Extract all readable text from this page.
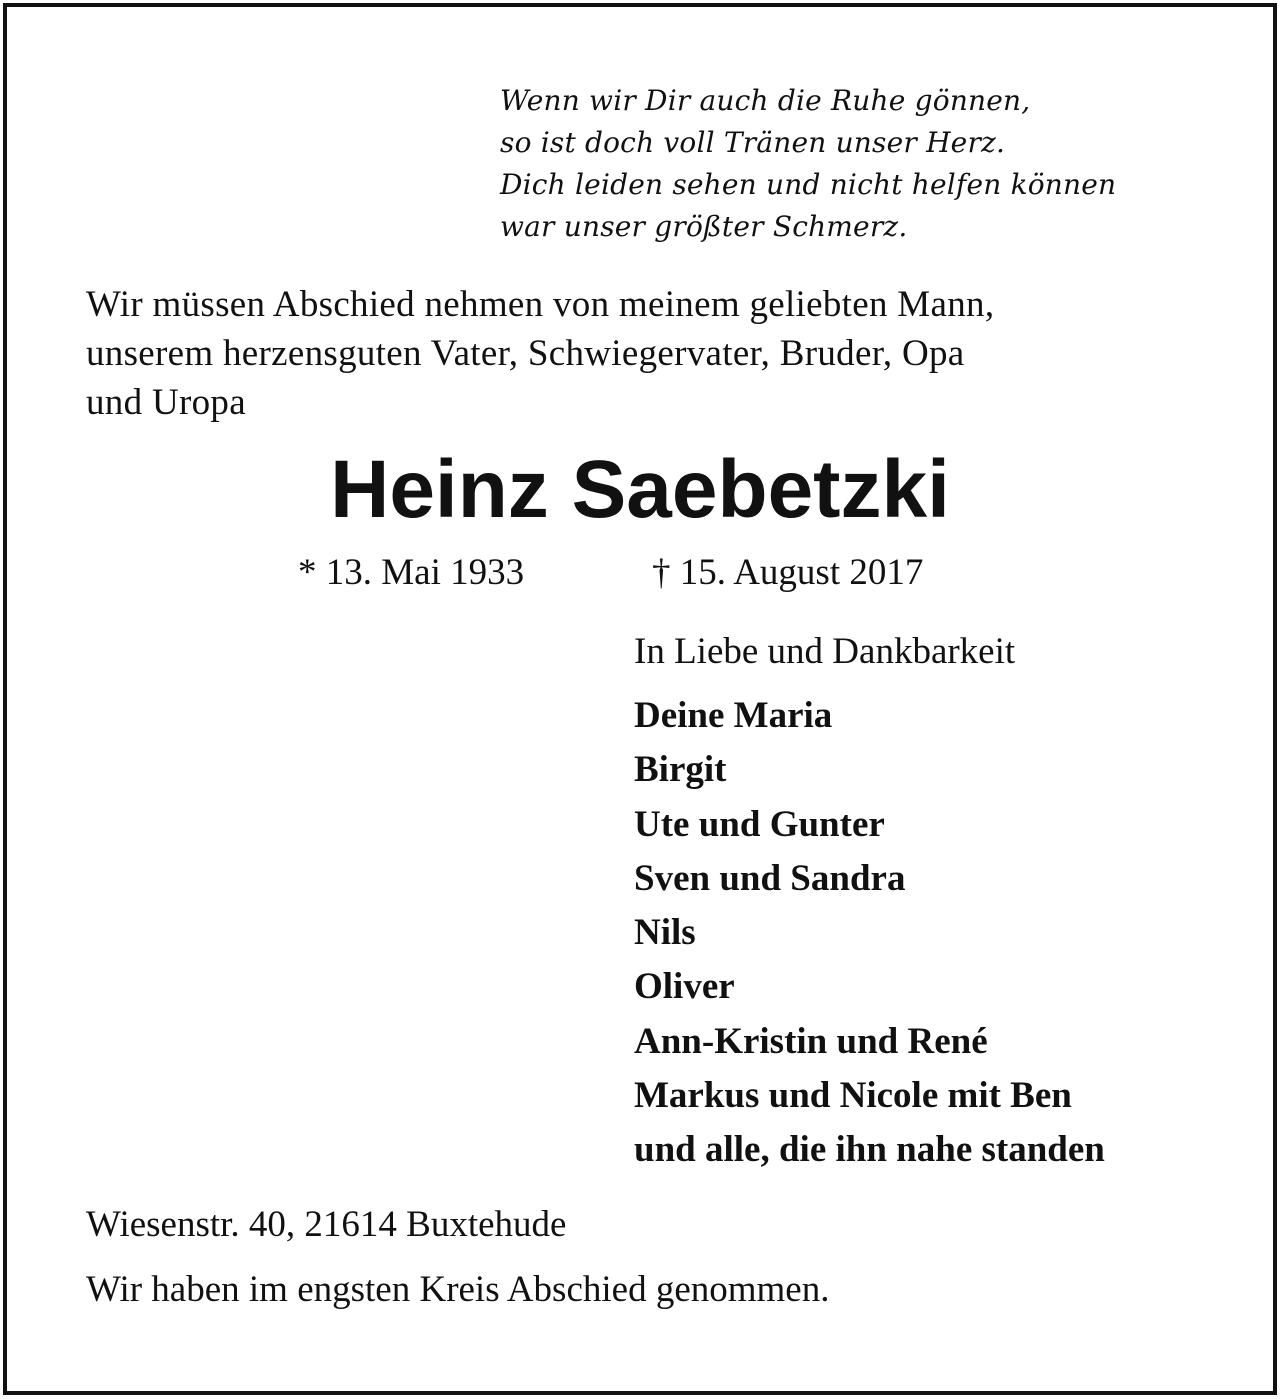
Wenn wir Dir auch die Ruhe gönnen,
so ist doch voll Tränen unser Herz.
Dich leiden sehen und nicht helfen können
war unser größter Schmerz.
Wir müssen Abschied nehmen von meinem geliebten Mann,
unserem herzensguten Vater, Schwiegervater, Bruder, Opa
und Uropa
Heinz Saebetzki
* 13. Mai 1933	† 15. August 2017
In Liebe und Dankbarkeit
Deine Maria
Birgit
Ute und Gunter
Sven und Sandra
Nils
Oliver
Ann-Kristin und René
Markus und Nicole mit Ben
und alle, die ihn nahe standen
Wiesenstr. 40, 21614 Buxtehude
Wir haben im engsten Kreis Abschied genommen.
